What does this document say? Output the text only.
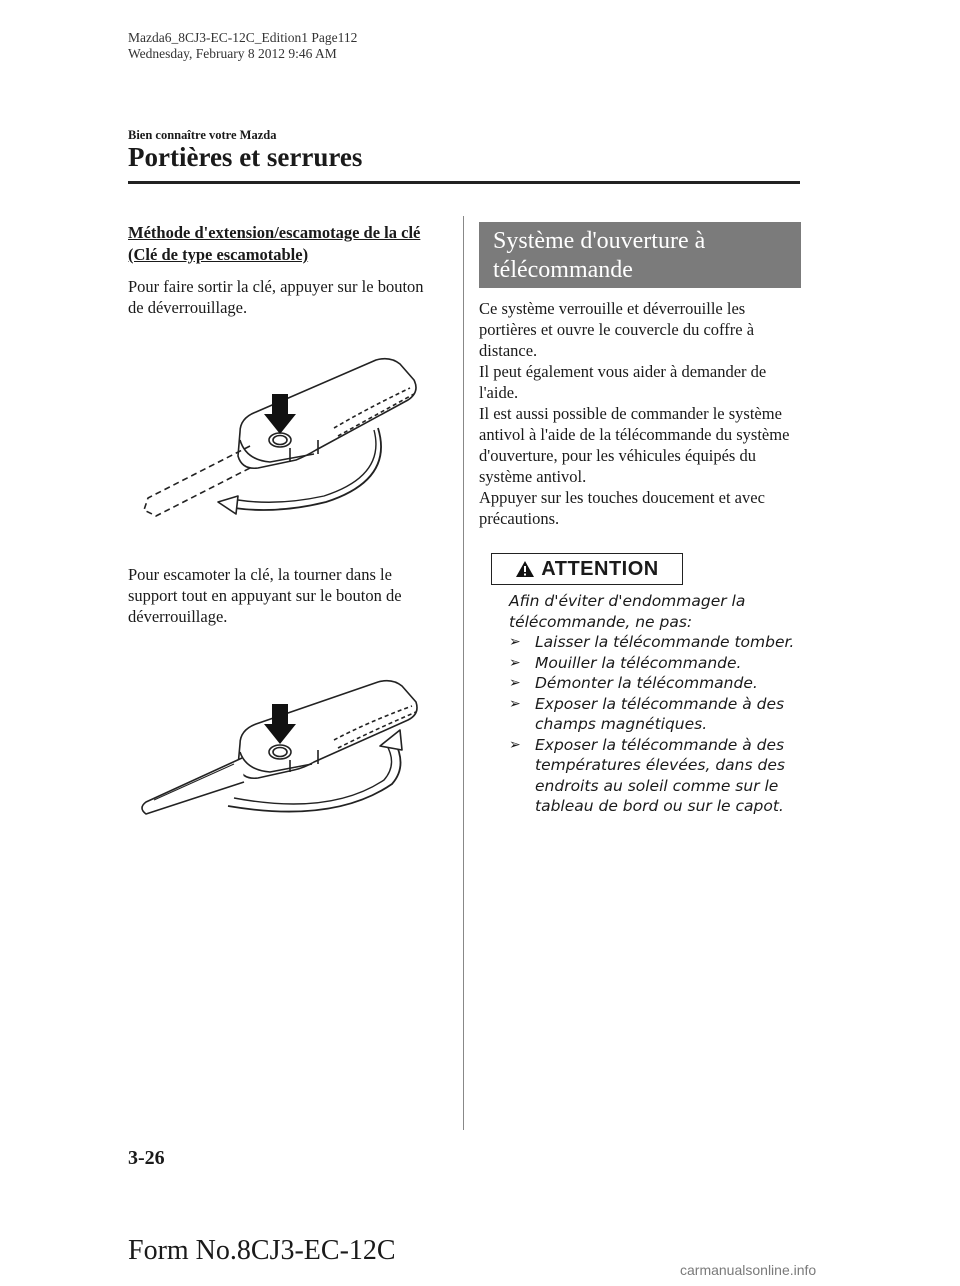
Mazda6_8CJ3-EC-12C_Edition1 Page112
Wednesday, February 8 2012 9:46 AM
Bien connaître votre Mazda
Portières et serrures

Méthode d'extension/escamotage de la clé (Clé de type escamotable)

Pour faire sortir la clé, appuyer sur le bouton de déverrouillage.

Pour escamoter la clé, la tourner dans le support tout en appuyant sur le bouton de déverrouillage.

Système d'ouverture à
télécommande

Ce système verrouille et déverrouille les portières et ouvre le couvercle du coffre à distance.

Il peut également vous aider à demander de l'aide.

Il est aussi possible de commander le système antivol à l'aide de la télécommande du système d'ouverture, pour les véhicules équipés du système antivol.

Appuyer sur les touches doucement et avec précautions.

ATTENTION

Afin d'éviter d'endommager la télécommande, ne pas:

➢ Laisser la télécommande tomber.

➢ Mouiller la télécommande.

➢ Démonter la télécommande.

➢ Exposer la télécommande à des champs magnétiques.

➢ Exposer la télécommande à des températures élevées, dans des endroits au soleil comme sur le tableau de bord ou sur le capot.

3-26
Form No.8CJ3-EC-12C
carmanualsonline.info
